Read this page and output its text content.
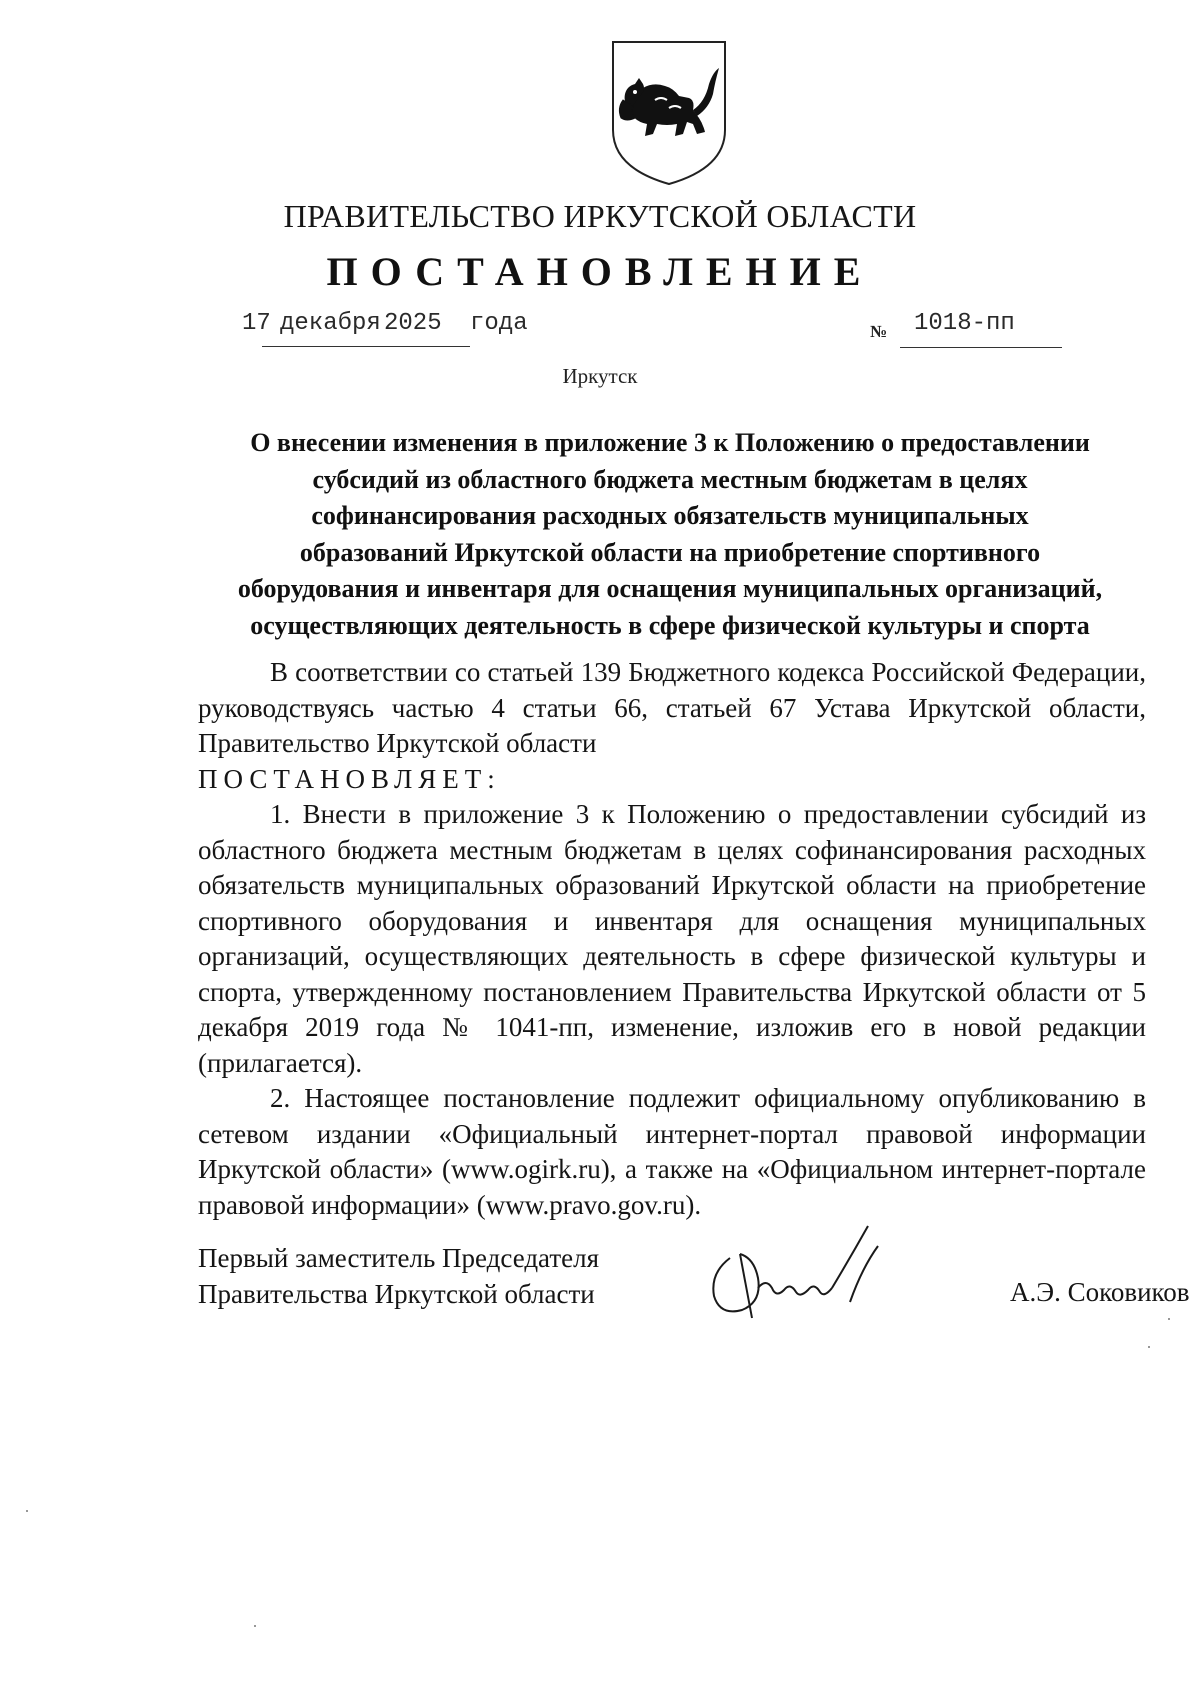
ПРАВИТЕЛЬСТВО ИРКУТСКОЙ ОБЛАСТИ
ПОСТАНОВЛЕНИЕ
17 декабря 2025 года	№ 1018-пп
Иркутск
О внесении изменения в приложение 3 к Положению о предоставлении
субсидий из областного бюджета местным бюджетам в целях
софинансирования расходных обязательств муниципальных
образований Иркутской области на приобретение спортивного
оборудования и инвентаря для оснащения муниципальных организаций,
осуществляющих деятельность в сфере физической культуры и спорта

В соответствии со статьей 139 Бюджетного кодекса Российской Федерации, руководствуясь частью 4 статьи 66, статьей 67 Устава Иркутской области, Правительство Иркутской области

ПОСТАНОВЛЯЕТ:

1. Внести в приложение 3 к Положению о предоставлении субсидий из областного бюджета местным бюджетам в целях софинансирования расходных обязательств муниципальных образований Иркутской области на приобретение спортивного оборудования и инвентаря для оснащения муниципальных организаций, осуществляющих деятельность в сфере физической культуры и спорта, утвержденному постановлением Правительства Иркутской области от 5 декабря 2019 года № 1041-пп, изменение, изложив его в новой редакции (прилагается).

2. Настоящее постановление подлежит официальному опубликованию в сетевом издании «Официальный интернет-портал правовой информации Иркутской области» (www.ogirk.ru), а также на «Официальном интернет-портале правовой информации» (www.pravo.gov.ru).

Первый заместитель Председателя
Правительства Иркутской области	А.Э. Соковиков
